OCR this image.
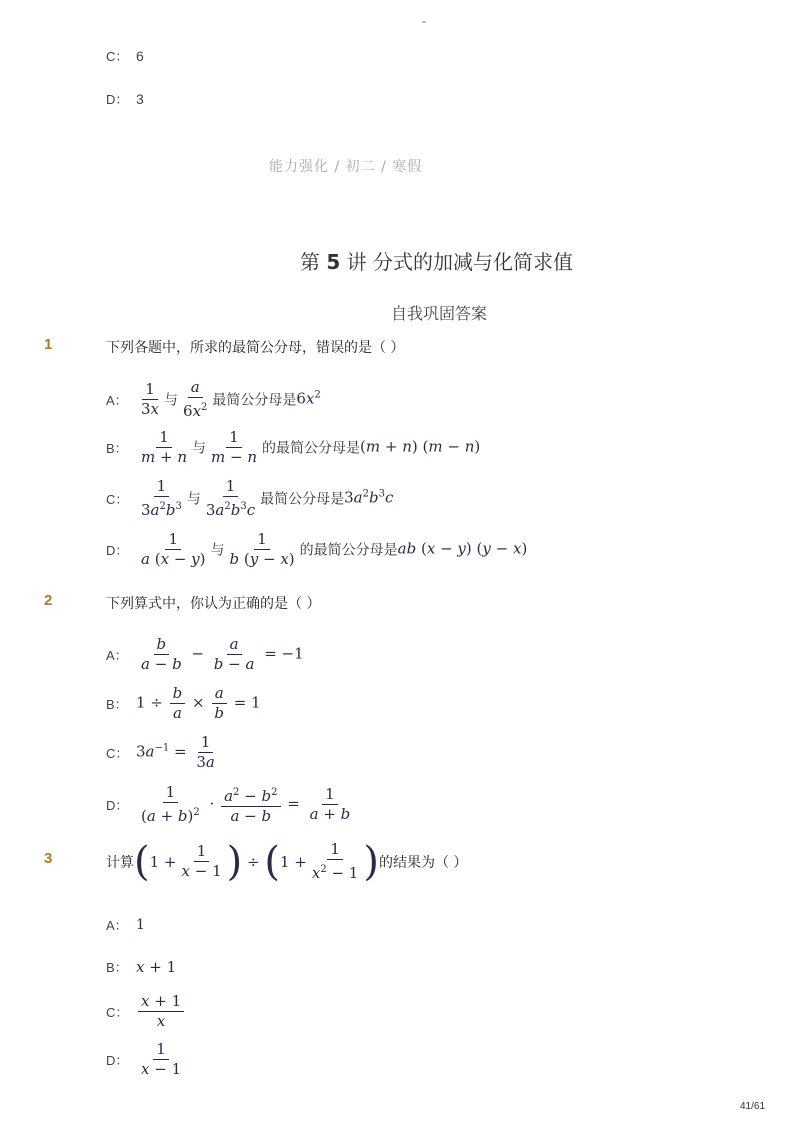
-
C： 6
D： 3
能力强化 / 初二 / 寒假
第 5 讲 分式的加减与化简求值
自我巩固答案
1	下列各题中，所求的最简公分母，错误的是（ ）
A： $\frac{1}{3x}$ 与 $\frac{a}{6x^2}$ 最简公分母是$6x^2$
B： $\frac{1}{m + n}$ 与 $\frac{1}{m - n}$ 的最简公分母是(m + n) (m − n)
C： $\frac{1}{3a^2b^3}$ 与 $\frac{1}{3a^2b^3c}$ 最简公分母是$3a^2b^3c$
D： $\frac{1}{a (x - y)}$ 与 $\frac{1}{b (y - x)}$ 的最简公分母是ab (x − y) (y − x)
2	下列算式中，你认为正确的是（ ）
A： $\frac{b}{a - b} - \frac{a}{b - a} = -1$
B： $1 \div \frac{b}{a} \times \frac{a}{b} = 1$
C： $3a^{-1} = \frac{1}{3a}$
D： $\frac{1}{(a + b)^2} \cdot \frac{a^2 - b^2}{a - b} = \frac{1}{a + b}$
3	计算 ( $1 + \frac{1}{x - 1}$ ) ÷ ( $1 + \frac{1}{x^2 - 1}$ ) 的结果为（ ）
A： 1
B： x + 1
C： $\frac{x + 1}{x}$
D： $\frac{1}{x - 1}$
41/61
